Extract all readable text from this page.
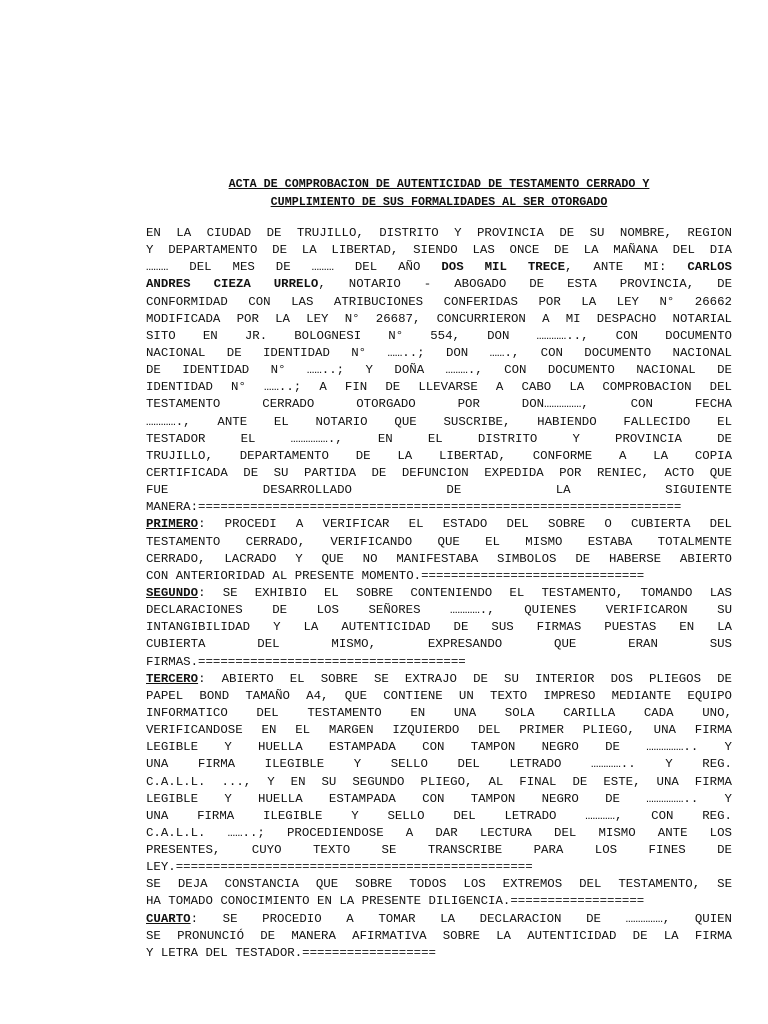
ACTA DE COMPROBACION DE AUTENTICIDAD DE TESTAMENTO CERRADO Y
CUMPLIMIENTO DE SUS FORMALIDADES AL SER OTORGADO
EN LA CIUDAD DE TRUJILLO, DISTRITO Y PROVINCIA DE SU NOMBRE, REGION
Y DEPARTAMENTO DE LA LIBERTAD, SIENDO LAS ONCE DE LA MAÑANA DEL DIA
……… DEL MES DE ……… DEL AÑO DOS MIL TRECE, ANTE MI: CARLOS
ANDRES CIEZA URRELO, NOTARIO - ABOGADO DE ESTA PROVINCIA, DE
CONFORMIDAD CON LAS ATRIBUCIONES CONFERIDAS POR LA LEY N° 26662
MODIFICADA POR LA LEY N° 26687, CONCURRIERON A MI DESPACHO NOTARIAL
SITO EN JR. BOLOGNESI N° 554, DON ………….., CON DOCUMENTO
NACIONAL DE IDENTIDAD N° ……..; DON ……., CON DOCUMENTO NACIONAL
DE IDENTIDAD N° ……..; Y DOÑA ………., CON DOCUMENTO NACIONAL DE
IDENTIDAD N° ……..; A FIN DE LLEVARSE A CABO LA COMPROBACION DEL
TESTAMENTO CERRADO OTORGADO POR DON……………, CON FECHA
…………., ANTE EL NOTARIO QUE SUSCRIBE, HABIENDO FALLECIDO EL
TESTADOR EL ……………., EN EL DISTRITO Y PROVINCIA DE
TRUJILLO, DEPARTAMENTO DE LA LIBERTAD, CONFORME A LA COPIA
CERTIFICADA DE SU PARTIDA DE DEFUNCION EXPEDIDA POR RENIEC, ACTO QUE
FUE DESARROLLADO DE LA SIGUIENTE
MANERA:=================================================================
PRIMERO: PROCEDI A VERIFICAR EL ESTADO DEL SOBRE O CUBIERTA DEL
TESTAMENTO CERRADO, VERIFICANDO QUE EL MISMO ESTABA TOTALMENTE
CERRADO, LACRADO Y QUE NO MANIFESTABA SIMBOLOS DE HABERSE ABIERTO
CON ANTERIORIDAD AL PRESENTE MOMENTO.==============================
SEGUNDO: SE EXHIBIO EL SOBRE CONTENIENDO EL TESTAMENTO, TOMANDO LAS
DECLARACIONES DE LOS SEÑORES …………., QUIENES VERIFICARON SU
INTANGIBILIDAD Y LA AUTENTICIDAD DE SUS FIRMAS PUESTAS EN LA
CUBIERTA DEL MISMO, EXPRESANDO QUE ERAN SUS
FIRMAS.====================================
TERCERO: ABIERTO EL SOBRE SE EXTRAJO DE SU INTERIOR DOS PLIEGOS DE
PAPEL BOND TAMAÑO A4, QUE CONTIENE UN TEXTO IMPRESO MEDIANTE EQUIPO
INFORMATICO DEL TESTAMENTO EN UNA SOLA CARILLA CADA UNO,
VERIFICANDOSE EN EL MARGEN IZQUIERDO DEL PRIMER PLIEGO, UNA FIRMA
LEGIBLE Y HUELLA ESTAMPADA CON TAMPON NEGRO DE …………….. Y
UNA FIRMA ILEGIBLE Y SELLO DEL LETRADO ………….. Y REG.
C.A.L.L. ..., Y EN SU SEGUNDO PLIEGO, AL FINAL DE ESTE, UNA FIRMA
LEGIBLE Y HUELLA ESTAMPADA CON TAMPON NEGRO DE …………….. Y
UNA FIRMA ILEGIBLE Y SELLO DEL LETRADO …………, CON REG.
C.A.L.L. ……..; PROCEDIENDOSE A DAR LECTURA DEL MISMO ANTE LOS
PRESENTES, CUYO TEXTO SE TRANSCRIBE PARA LOS FINES DE
LEY.================================================
SE DEJA CONSTANCIA QUE SOBRE TODOS LOS EXTREMOS DEL TESTAMENTO, SE
HA TOMADO CONOCIMIENTO EN LA PRESENTE DILIGENCIA.==================
CUARTO: SE PROCEDIO A TOMAR LA DECLARACION DE ……………, QUIEN
SE PRONUNCIÓ DE MANERA AFIRMATIVA SOBRE LA AUTENTICIDAD DE LA FIRMA
Y LETRA DEL TESTADOR.==================
